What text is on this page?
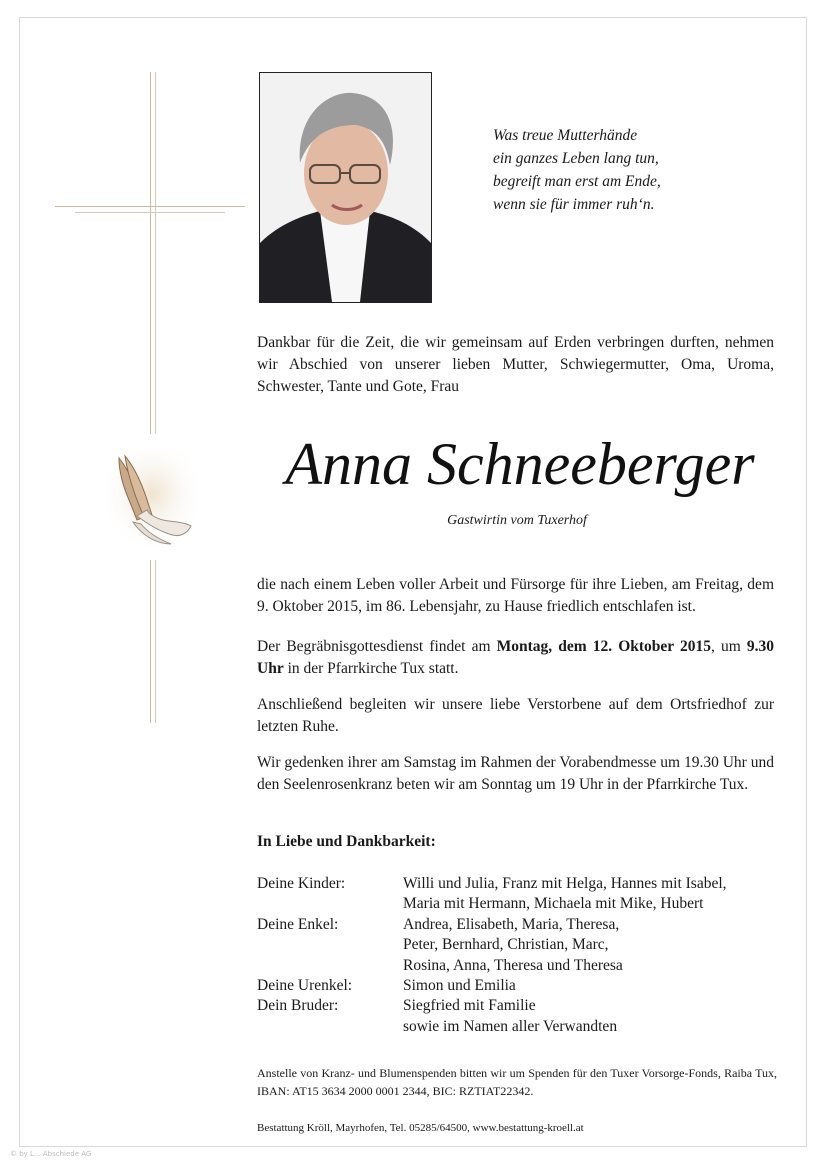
Was treue Mutterhände
ein ganzes Leben lang tun,
begreift man erst am Ende,
wenn sie für immer ruh‘n.
Dankbar für die Zeit, die wir gemeinsam auf Erden verbringen durften, nehmen wir Abschied von unserer lieben Mutter, Schwiegermutter, Oma, Uroma, Schwester, Tante und Gote, Frau
Anna Schneeberger
Gastwirtin vom Tuxerhof
die nach einem Leben voller Arbeit und Fürsorge für ihre Lieben, am Freitag, dem 9. Oktober 2015, im 86. Lebensjahr, zu Hause friedlich entschlafen ist.
Der Begräbnisgottesdienst findet am Montag, dem 12. Oktober 2015, um 9.30 Uhr in der Pfarrkirche Tux statt.
Anschließend begleiten wir unsere liebe Verstorbene auf dem Ortsfriedhof zur letzten Ruhe.
Wir gedenken ihrer am Samstag im Rahmen der Vorabendmesse um 19.30 Uhr und den Seelenrosenkranz beten wir am Sonntag um 19 Uhr in der Pfarrkirche Tux.
In Liebe und Dankbarkeit:
Deine Kinder:	Willi und Julia, Franz mit Helga, Hannes mit Isabel,
Maria mit Hermann, Michaela mit Mike, Hubert
Deine Enkel:	Andrea, Elisabeth, Maria, Theresa,
Peter, Bernhard, Christian, Marc,
Rosina, Anna, Theresa und Theresa
Deine Urenkel:	Simon und Emilia
Dein Bruder:	Siegfried mit Familie
sowie im Namen aller Verwandten
Anstelle von Kranz- und Blumenspenden bitten wir um Spenden für den Tuxer Vorsorge-Fonds, Raiba Tux, IBAN: AT15 3634 2000 0001 2344, BIC: RZTIAT22342.
Bestattung Kröll, Mayrhofen, Tel. 05285/64500, www.bestattung-kroell.at
© by L... Abschiede AG
